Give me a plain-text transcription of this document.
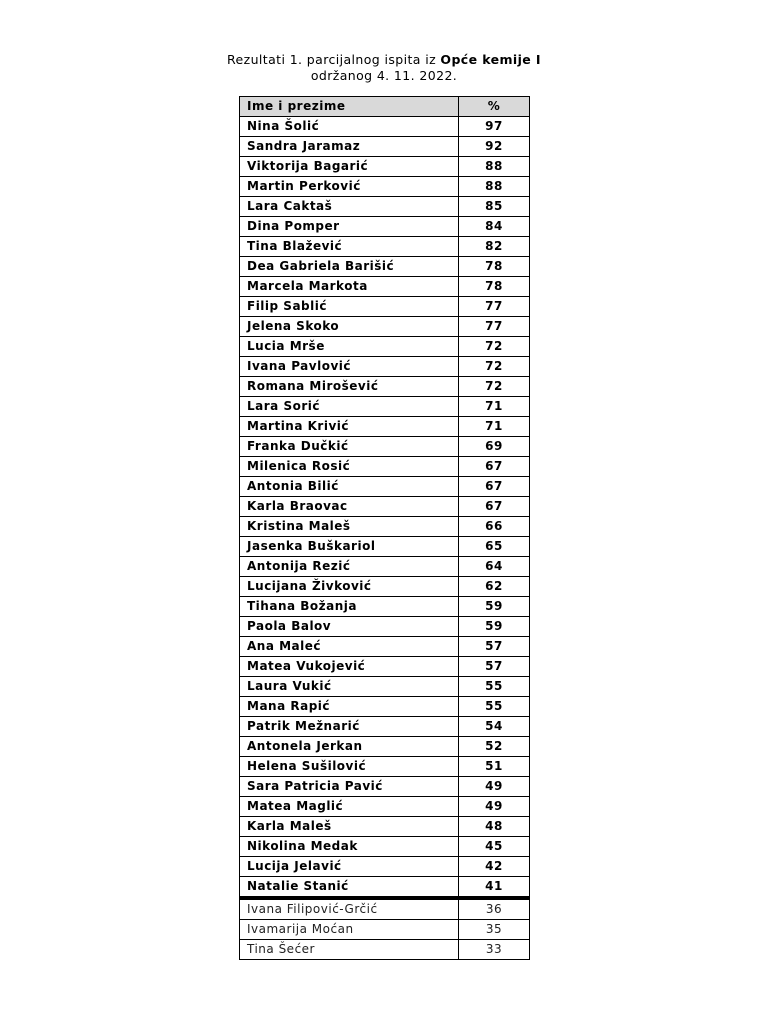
Rezultati 1. parcijalnog ispita iz Opće kemije I
održanog 4. 11. 2022.
Ime i prezime	%
Nina Šolić	97
Sandra Jaramaz	92
Viktorija Bagarić	88
Martin Perković	88
Lara Caktaš	85
Dina Pomper	84
Tina Blažević	82
Dea Gabriela Barišić	78
Marcela Markota	78
Filip Sablić	77
Jelena Skoko	77
Lucia Mrše	72
Ivana Pavlović	72
Romana Mirošević	72
Lara Sorić	71
Martina Krivić	71
Franka Dučkić	69
Milenica Rosić	67
Antonia Bilić	67
Karla Braovac	67
Kristina Maleš	66
Jasenka Buškariol	65
Antonija Rezić	64
Lucijana Živković	62
Tihana Božanja	59
Paola Balov	59
Ana Maleć	57
Matea Vukojević	57
Laura Vukić	55
Mana Rapić	55
Patrik Mežnarić	54
Antonela Jerkan	52
Helena Sušilović	51
Sara Patricia Pavić	49
Matea Maglić	49
Karla Maleš	48
Nikolina Medak	45
Lucija Jelavić	42
Natalie Stanić	41
Ivana Filipović-Grčić	36
Ivamarija Moćan	35
Tina Šećer	33
